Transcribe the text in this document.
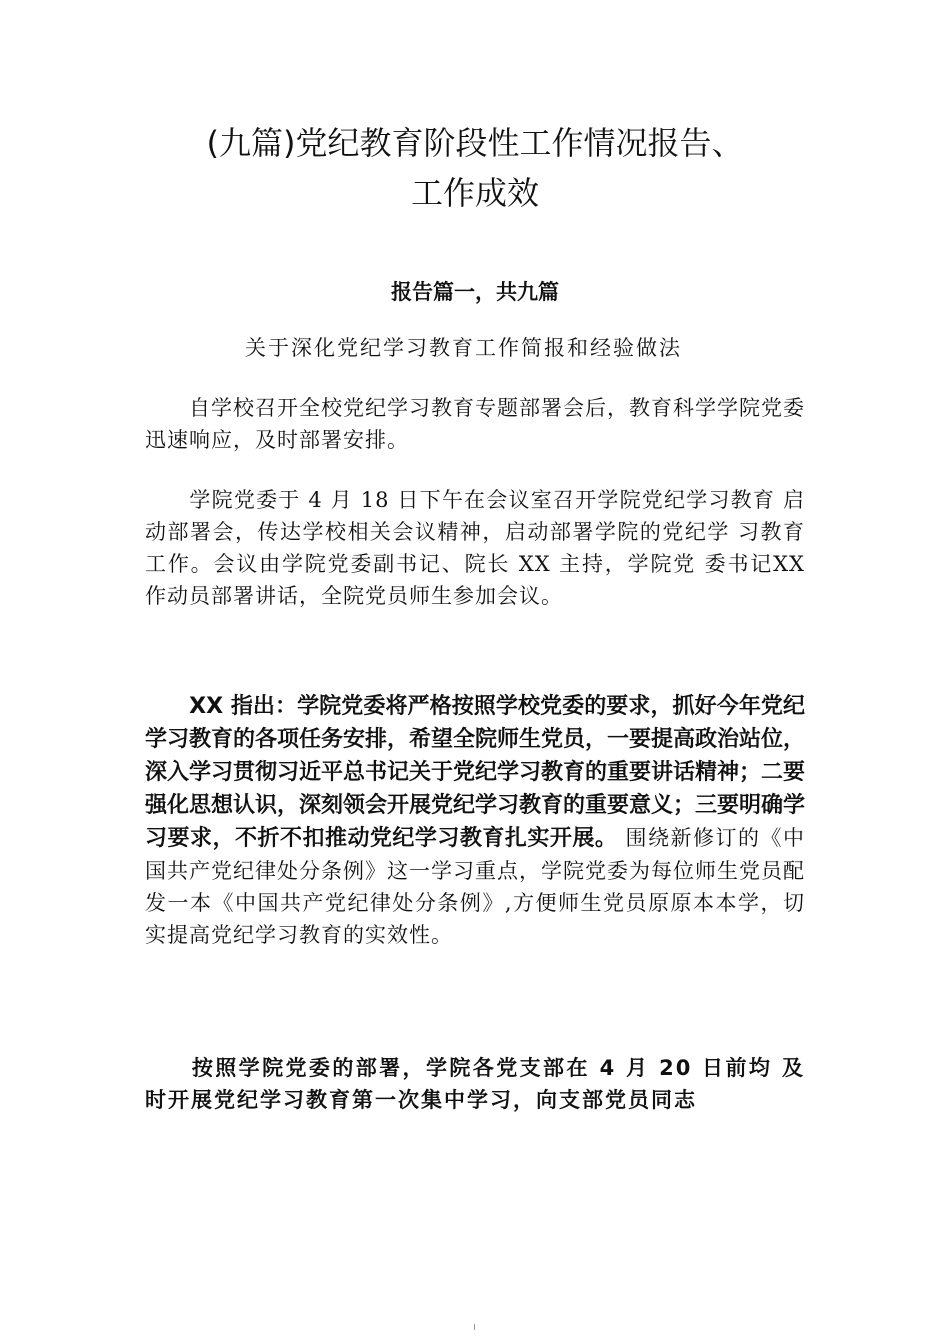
(九篇)党纪教育阶段性工作情况报告、
工作成效
报告篇一，共九篇
关于深化党纪学习教育工作简报和经验做法

　　自学校召开全校党纪学习教育专题部署会后，教育科学学院党委迅速响应，及时部署安排。

　　学院党委于 4 月 18 日下午在会议室召开学院党纪学习教育 启动部署会，传达学校相关会议精神，启动部署学院的党纪学 习教育工作。会议由学院党委副书记、院长 XX 主持，学院党 委书记XX 作动员部署讲话，全院党员师生参加会议。

　　XX 指出：学院党委将严格按照学校党委的要求，抓好今年党纪学习教育的各项任务安排，希望全院师生党员，一要提高政治站位，深入学习贯彻习近平总书记关于党纪学习教育的重要讲话精神；二要强化思想认识，深刻领会开展党纪学习教育的重要意义；三要明确学习要求，不折不扣推动党纪学习教育扎实开展。 围绕新修订的《中国共产党纪律处分条例》这一学习重点，学院党委为每位师生党员配发一本《中国共产党纪律处分条例》,方便师生党员原原本本学，切实提高党纪学习教育的实效性。

　　按照学院党委的部署，学院各党支部在 4 月 20 日前均 及时开展党纪学习教育第一次集中学习，向支部党员同志
